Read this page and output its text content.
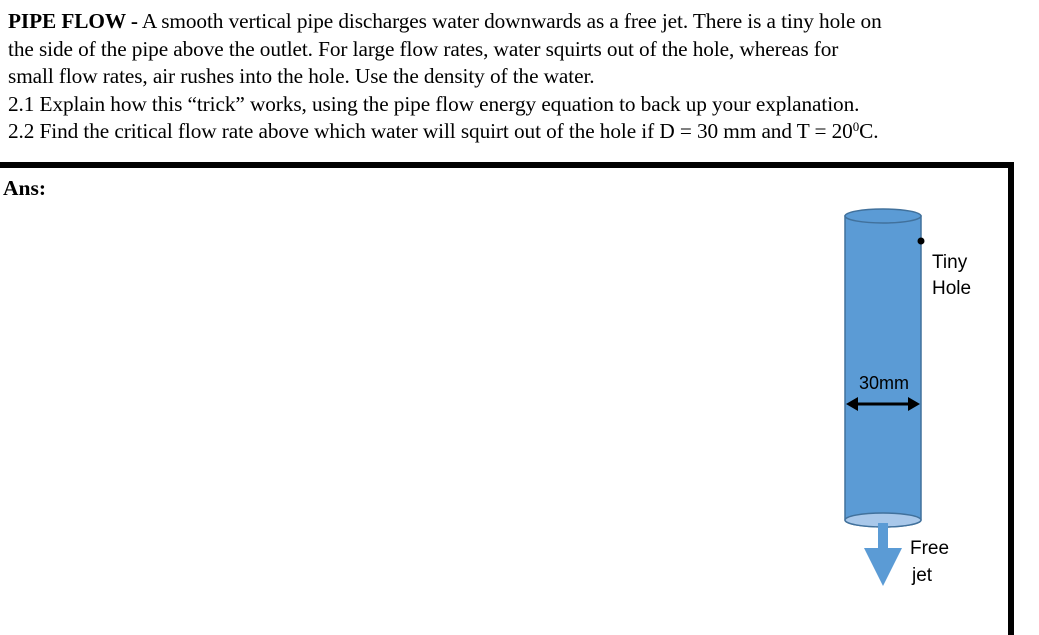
PIPE FLOW - A smooth vertical pipe discharges water downwards as a free jet. There is a tiny hole on

the side of the pipe above the outlet. For large flow rates, water squirts out of the hole, whereas for

small flow rates, air rushes into the hole. Use the density of the water.

2.1 Explain how this “trick” works, using the pipe flow energy equation to back up your explanation.

2.2 Find the critical flow rate above which water will squirt out of the hole if D = 30 mm and $T = 20^0C$.

Ans:
Tiny
Hole
30mm
Free
jet
